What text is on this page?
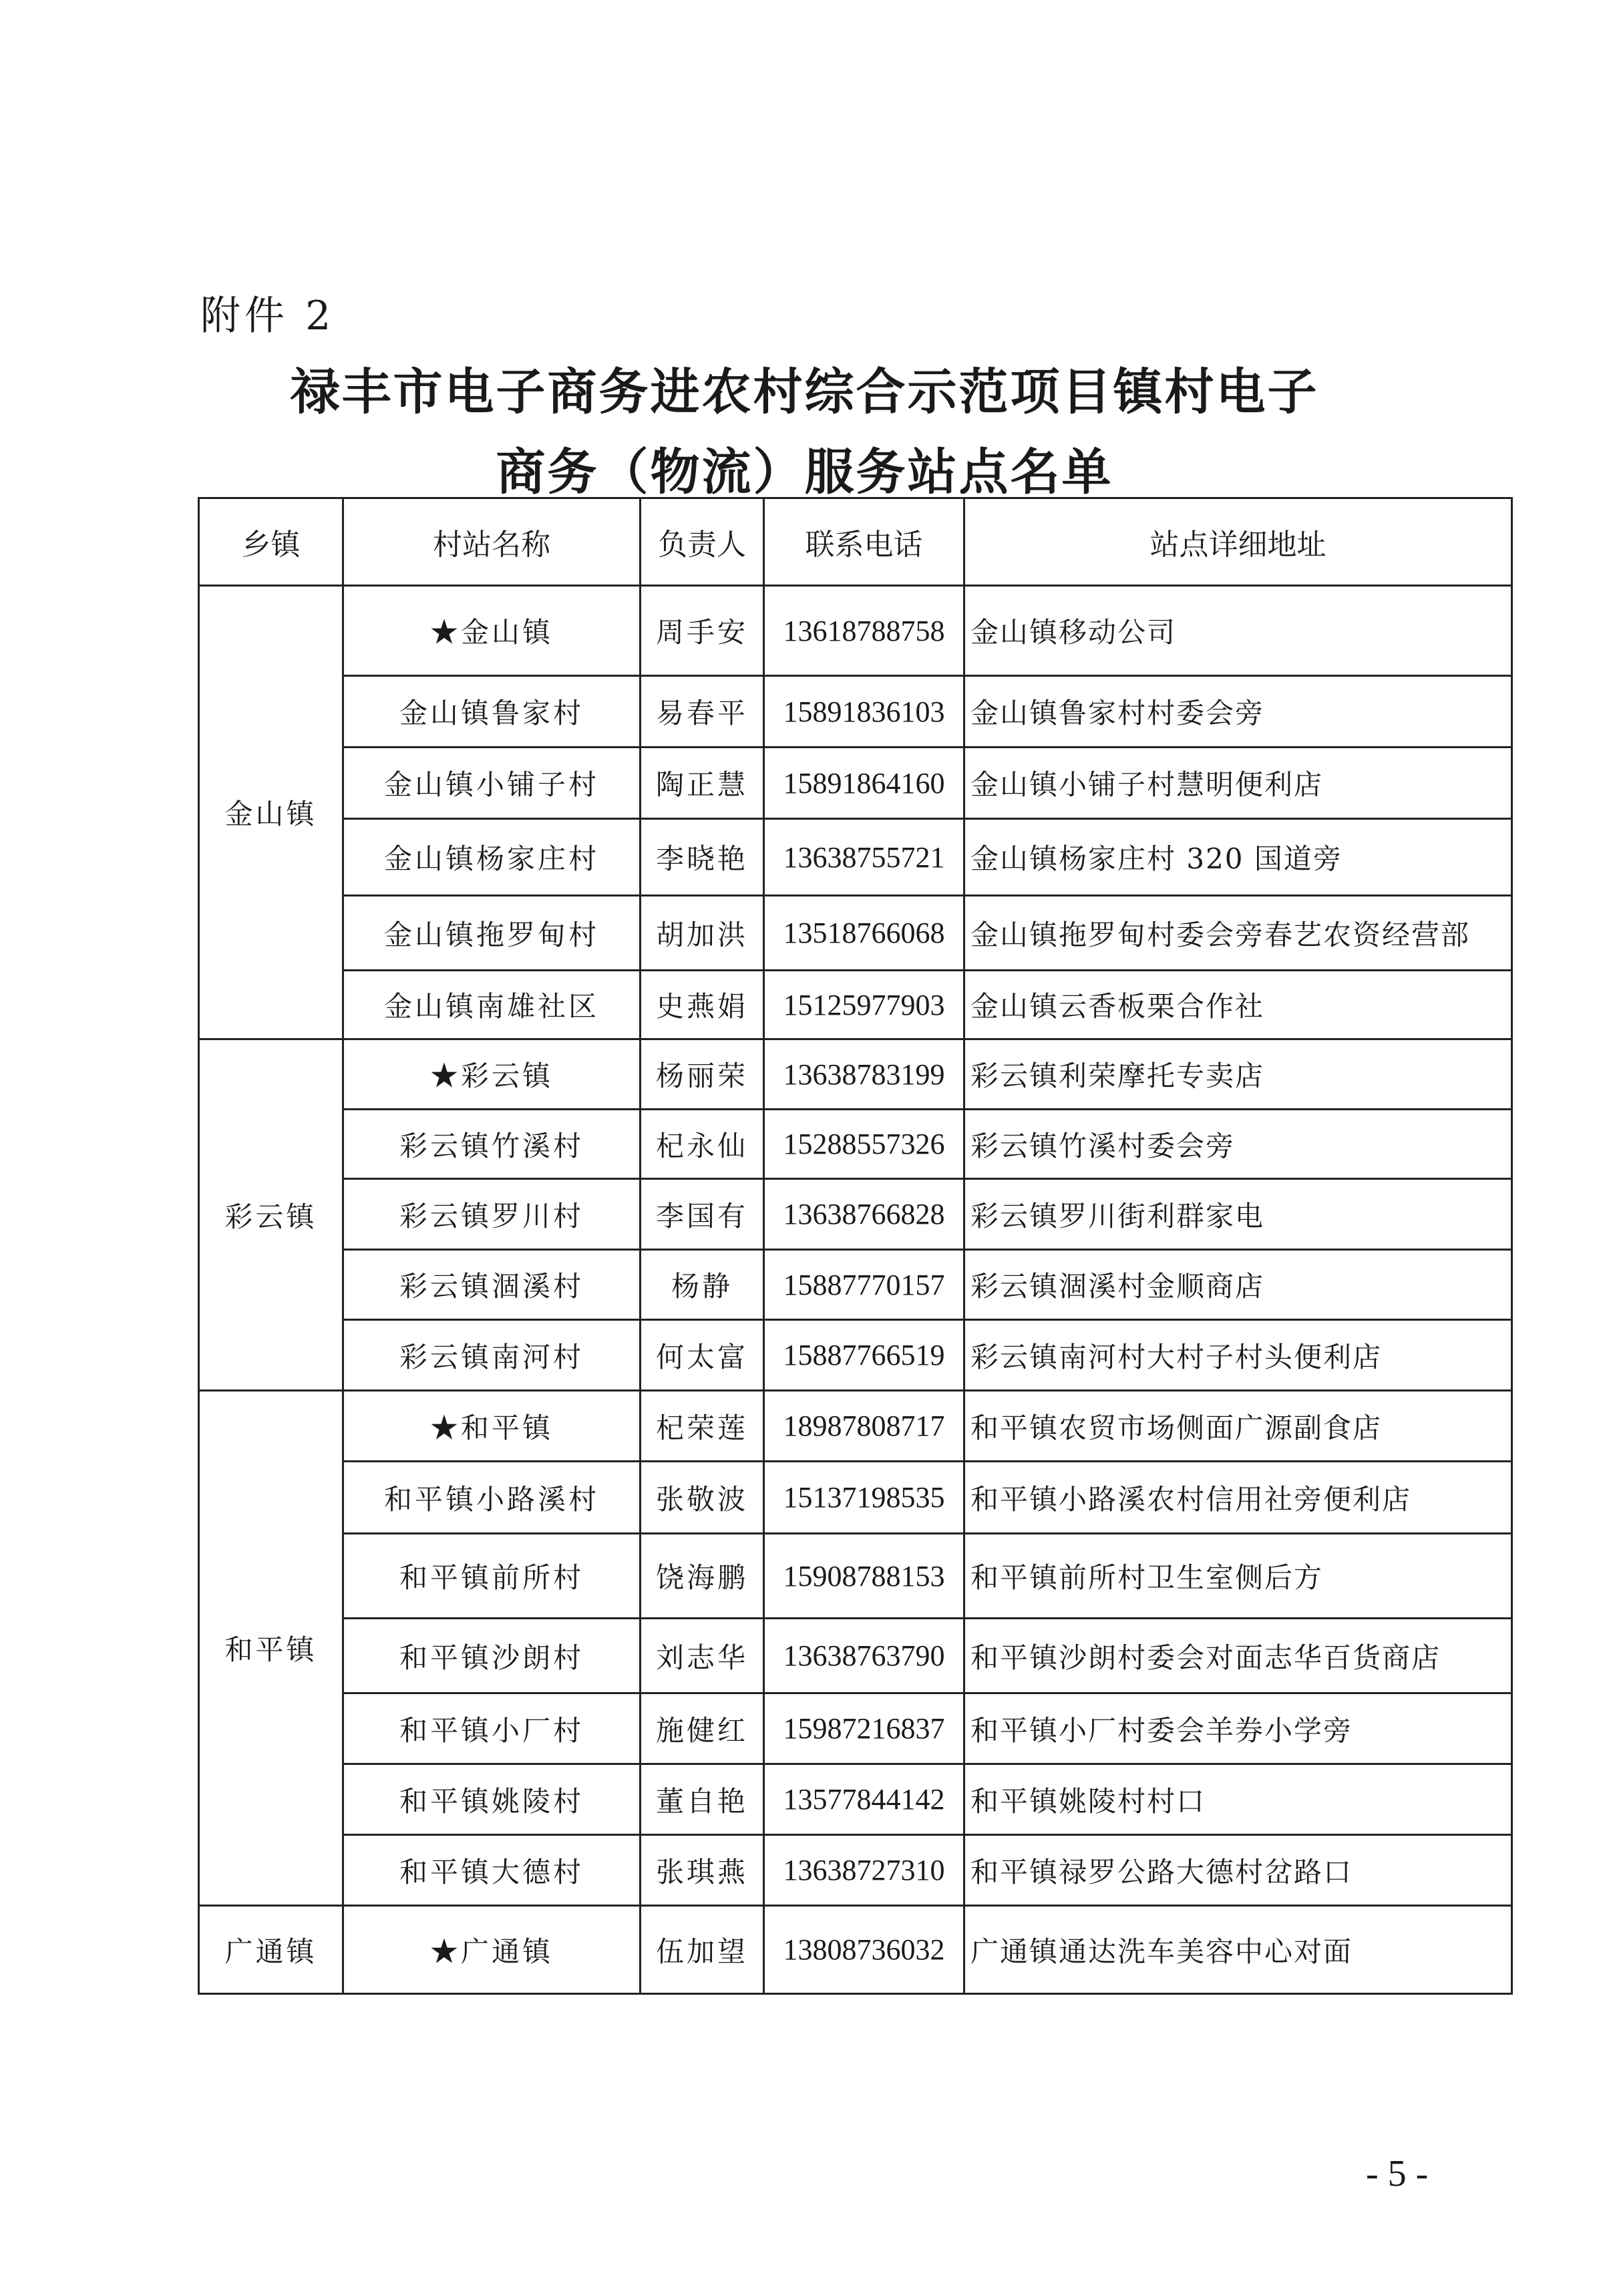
附件 2
禄丰市电子商务进农村综合示范项目镇村电子
商务（物流）服务站点名单
乡镇	村站名称	负责人	联系电话	站点详细地址
金山镇	★金山镇	周手安	13618788758	金山镇移动公司
	金山镇鲁家村	易春平	15891836103	金山镇鲁家村村委会旁
	金山镇小铺子村	陶正慧	15891864160	金山镇小铺子村慧明便利店
	金山镇杨家庄村	李晓艳	13638755721	金山镇杨家庄村 320 国道旁
	金山镇拖罗甸村	胡加洪	13518766068	金山镇拖罗甸村委会旁春艺农资经营部
	金山镇南雄社区	史燕娟	15125977903	金山镇云香板栗合作社
彩云镇	★彩云镇	杨丽荣	13638783199	彩云镇利荣摩托专卖店
	彩云镇竹溪村	杞永仙	15288557326	彩云镇竹溪村委会旁
	彩云镇罗川村	李国有	13638766828	彩云镇罗川街利群家电
	彩云镇涸溪村	杨静	15887770157	彩云镇涸溪村金顺商店
	彩云镇南河村	何太富	15887766519	彩云镇南河村大村子村头便利店
和平镇	★和平镇	杞荣莲	18987808717	和平镇农贸市场侧面广源副食店
	和平镇小路溪村	张敬波	15137198535	和平镇小路溪农村信用社旁便利店
	和平镇前所村	饶海鹏	15908788153	和平镇前所村卫生室侧后方
	和平镇沙朗村	刘志华	13638763790	和平镇沙朗村委会对面志华百货商店
	和平镇小厂村	施健红	15987216837	和平镇小厂村委会羊券小学旁
	和平镇姚陵村	董自艳	13577844142	和平镇姚陵村村口
	和平镇大德村	张琪燕	13638727310	和平镇禄罗公路大德村岔路口
广通镇	★广通镇	伍加望	13808736032	广通镇通达洗车美容中心对面
- 5 -
